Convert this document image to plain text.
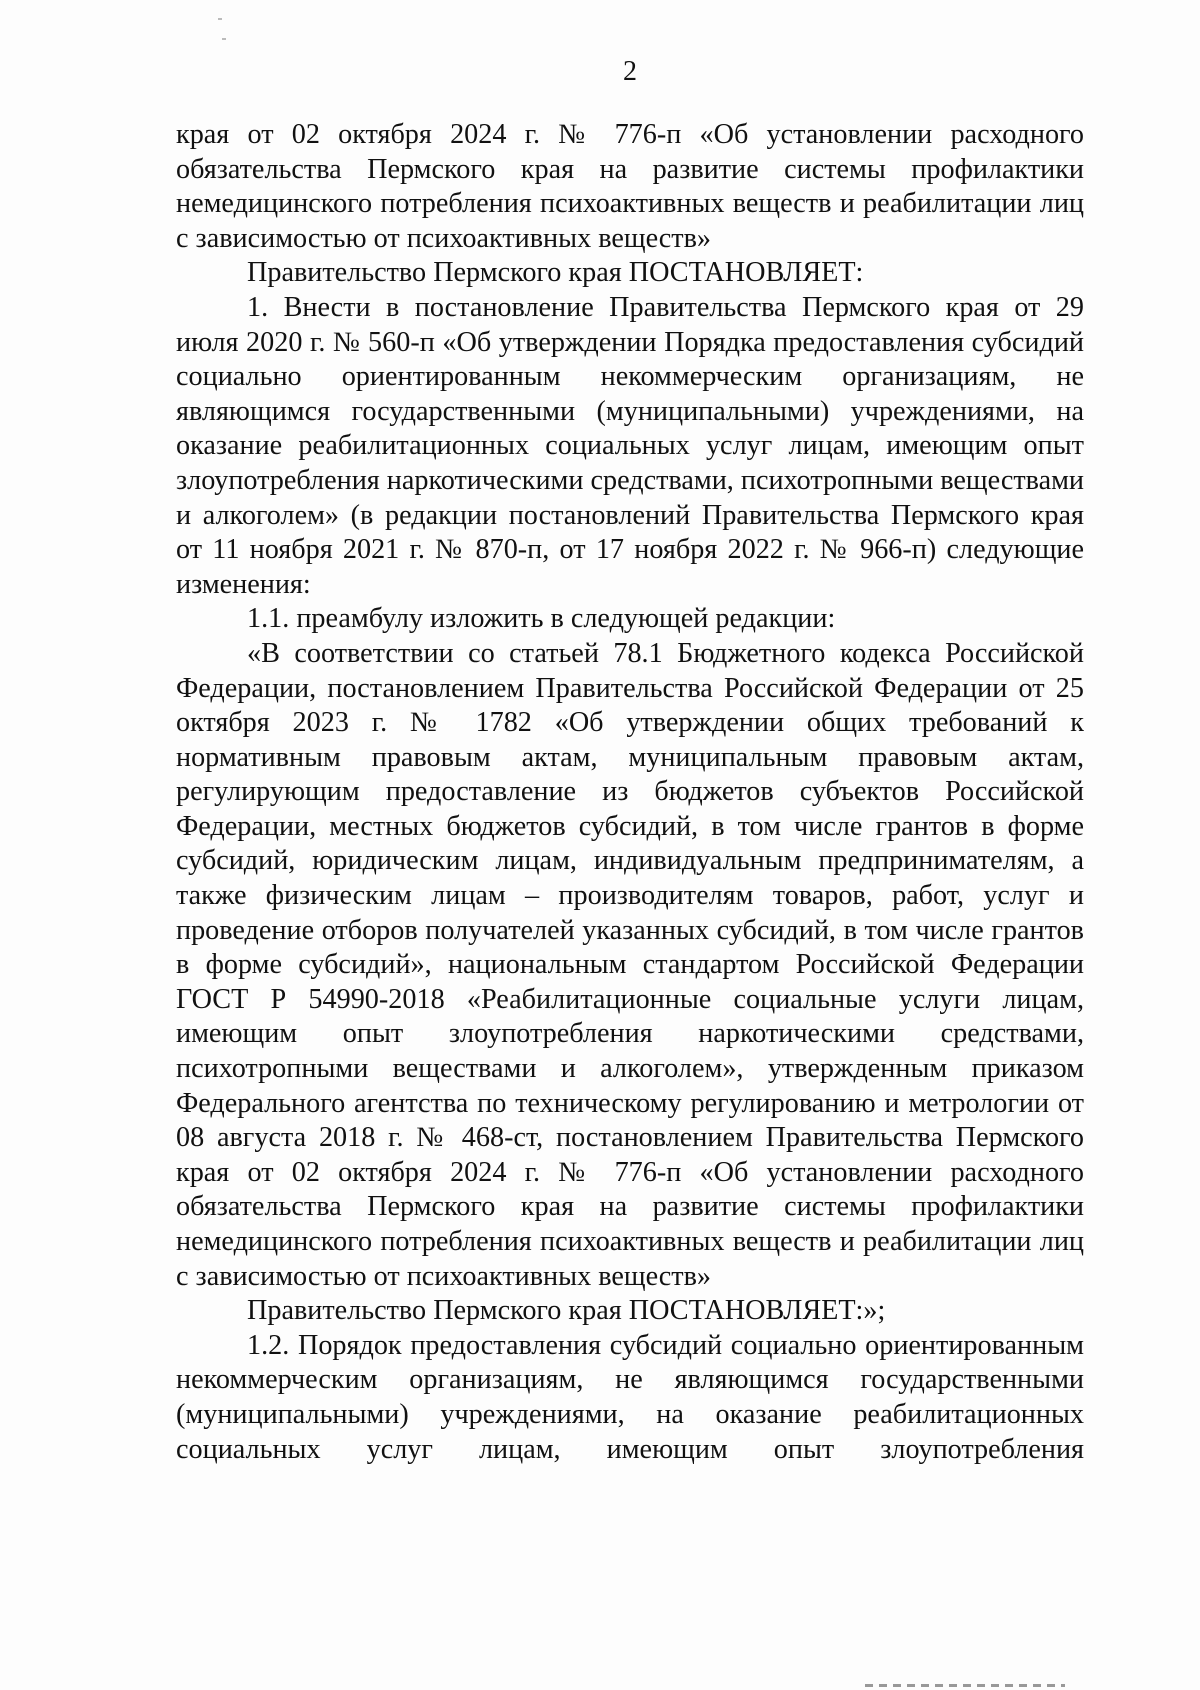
2

края от 02 октября 2024 г. № 776-п «Об установлении расходного обязательства Пермского края на развитие системы профилактики немедицинского потребления психоактивных веществ и реабилитации лиц с зависимостью от психоактивных веществ»

Правительство Пермского края ПОСТАНОВЛЯЕТ:

1. Внести в постановление Правительства Пермского края от 29 июля 2020 г. № 560-п «Об утверждении Порядка предоставления субсидий социально ориентированным некоммерческим организациям, не являющимся государственными (муниципальными) учреждениями, на оказание реабилитационных социальных услуг лицам, имеющим опыт злоупотребления наркотическими средствами, психотропными веществами и алкоголем» (в редакции постановлений Правительства Пермского края от 11 ноября 2021 г. № 870-п, от 17 ноября 2022 г. № 966-п) следующие изменения:

1.1. преамбулу изложить в следующей редакции:

«В соответствии со статьей 78.1 Бюджетного кодекса Российской Федерации, постановлением Правительства Российской Федерации от 25 октября 2023 г. № 1782 «Об утверждении общих требований к нормативным правовым актам, муниципальным правовым актам, регулирующим предоставление из бюджетов субъектов Российской Федерации, местных бюджетов субсидий, в том числе грантов в форме субсидий, юридическим лицам, индивидуальным предпринимателям, а также физическим лицам – производителям товаров, работ, услуг и проведение отборов получателей указанных субсидий, в том числе грантов в форме субсидий», национальным стандартом Российской Федерации ГОСТ Р 54990-2018 «Реабилитационные социальные услуги лицам, имеющим опыт злоупотребления наркотическими средствами, психотропными веществами и алкоголем», утвержденным приказом Федерального агентства по техническому регулированию и метрологии от 08 августа 2018 г. № 468-ст, постановлением Правительства Пермского края от 02 октября 2024 г. № 776-п «Об установлении расходного обязательства Пермского края на развитие системы профилактики немедицинского потребления психоактивных веществ и реабилитации лиц с зависимостью от психоактивных веществ»

Правительство Пермского края ПОСТАНОВЛЯЕТ:»;

1.2. Порядок предоставления субсидий социально ориентированным некоммерческим организациям, не являющимся государственными (муниципальными) учреждениями, на оказание реабилитационных социальных услуг лицам, имеющим опыт злоупотребления
